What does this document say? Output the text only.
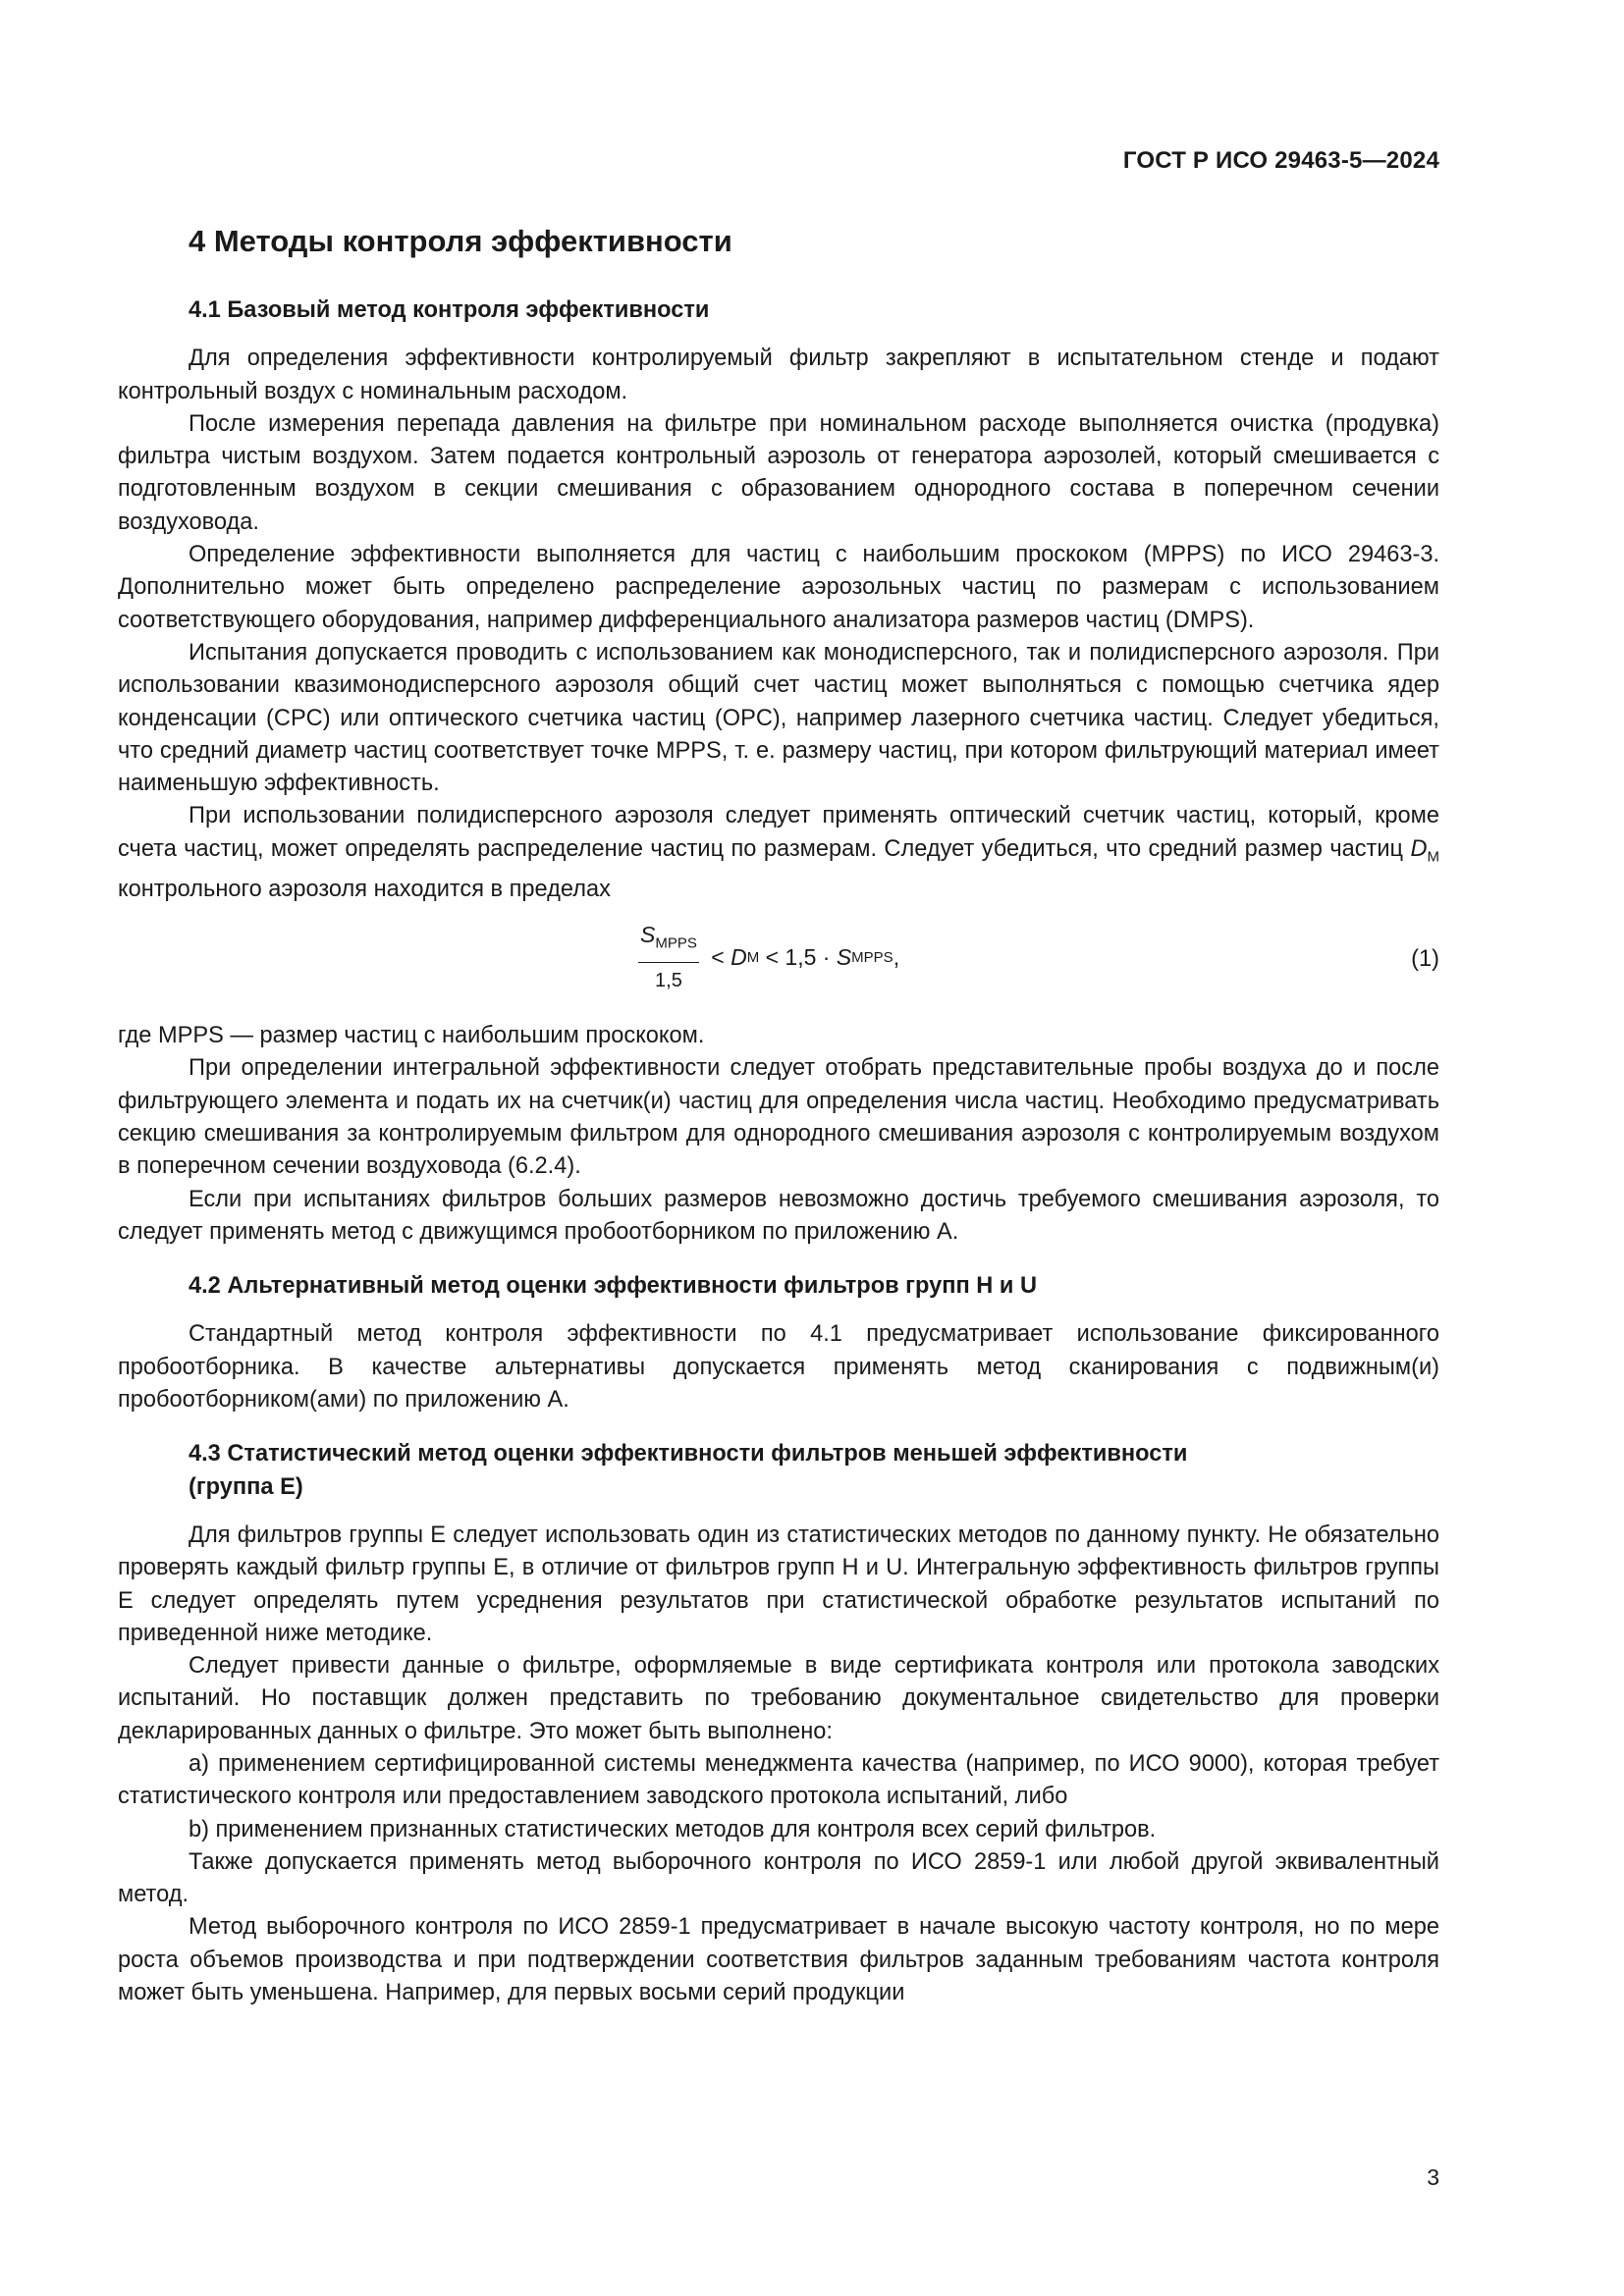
ГОСТ Р ИСО 29463-5—2024
4 Методы контроля эффективности
4.1 Базовый метод контроля эффективности

Для определения эффективности контролируемый фильтр закрепляют в испытательном стенде и подают контрольный воздух с номинальным расходом.

После измерения перепада давления на фильтре при номинальном расходе выполняется очистка (продувка) фильтра чистым воздухом. Затем подается контрольный аэрозоль от генератора аэрозолей, который смешивается с подготовленным воздухом в секции смешивания с образованием однородного состава в поперечном сечении воздуховода.

Определение эффективности выполняется для частиц с наибольшим проскоком (MPPS) по ИСО 29463-3. Дополнительно может быть определено распределение аэрозольных частиц по размерам с использованием соответствующего оборудования, например дифференциального анализатора размеров частиц (DMPS).

Испытания допускается проводить с использованием как монодисперсного, так и полидисперсного аэрозоля. При использовании квазимонодисперсного аэрозоля общий счет частиц может выполняться с помощью счетчика ядер конденсации (CPC) или оптического счетчика частиц (OPC), например лазерного счетчика частиц. Следует убедиться, что средний диаметр частиц соответствует точке MPPS, т. е. размеру частиц, при котором фильтрующий материал имеет наименьшую эффективность.

При использовании полидисперсного аэрозоля следует применять оптический счетчик частиц, который, кроме счета частиц, может определять распределение частиц по размерам. Следует убедиться, что средний размер частиц $D_M$ контрольного аэрозоля находится в пределах

$\frac{S_{MPPS}}{1,5} < D$ M < 1,5 · S MPPS ,	(1)

где MPPS — размер частиц с наибольшим проскоком.

При определении интегральной эффективности следует отобрать представительные пробы воздуха до и после фильтрующего элемента и подать их на счетчик(и) частиц для определения числа частиц. Необходимо предусматривать секцию смешивания за контролируемым фильтром для однородного смешивания аэрозоля с контролируемым воздухом в поперечном сечении воздуховода (6.2.4).

Если при испытаниях фильтров больших размеров невозможно достичь требуемого смешивания аэрозоля, то следует применять метод с движущимся пробоотборником по приложению А.

4.2 Альтернативный метод оценки эффективности фильтров групп Н и U

Стандартный метод контроля эффективности по 4.1 предусматривает использование фиксированного пробоотборника. В качестве альтернативы допускается применять метод сканирования с подвижным(и) пробоотборником(ами) по приложению А.

4.3 Статистический метод оценки эффективности фильтров меньшей эффективности
(группа Е)

Для фильтров группы Е следует использовать один из статистических методов по данному пункту. Не обязательно проверять каждый фильтр группы Е, в отличие от фильтров групп Н и U. Интегральную эффективность фильтров группы Е следует определять путем усреднения результатов при статистической обработке результатов испытаний по приведенной ниже методике.

Следует привести данные о фильтре, оформляемые в виде сертификата контроля или протокола заводских испытаний. Но поставщик должен представить по требованию документальное свидетельство для проверки декларированных данных о фильтре. Это может быть выполнено:

a) применением сертифицированной системы менеджмента качества (например, по ИСО 9000), которая требует статистического контроля или предоставлением заводского протокола испытаний, либо

b) применением признанных статистических методов для контроля всех серий фильтров.

Также допускается применять метод выборочного контроля по ИСО 2859-1 или любой другой эквивалентный метод.

Метод выборочного контроля по ИСО 2859-1 предусматривает в начале высокую частоту контроля, но по мере роста объемов производства и при подтверждении соответствия фильтров заданным требованиям частота контроля может быть уменьшена. Например, для первых восьми серий продукции

3
